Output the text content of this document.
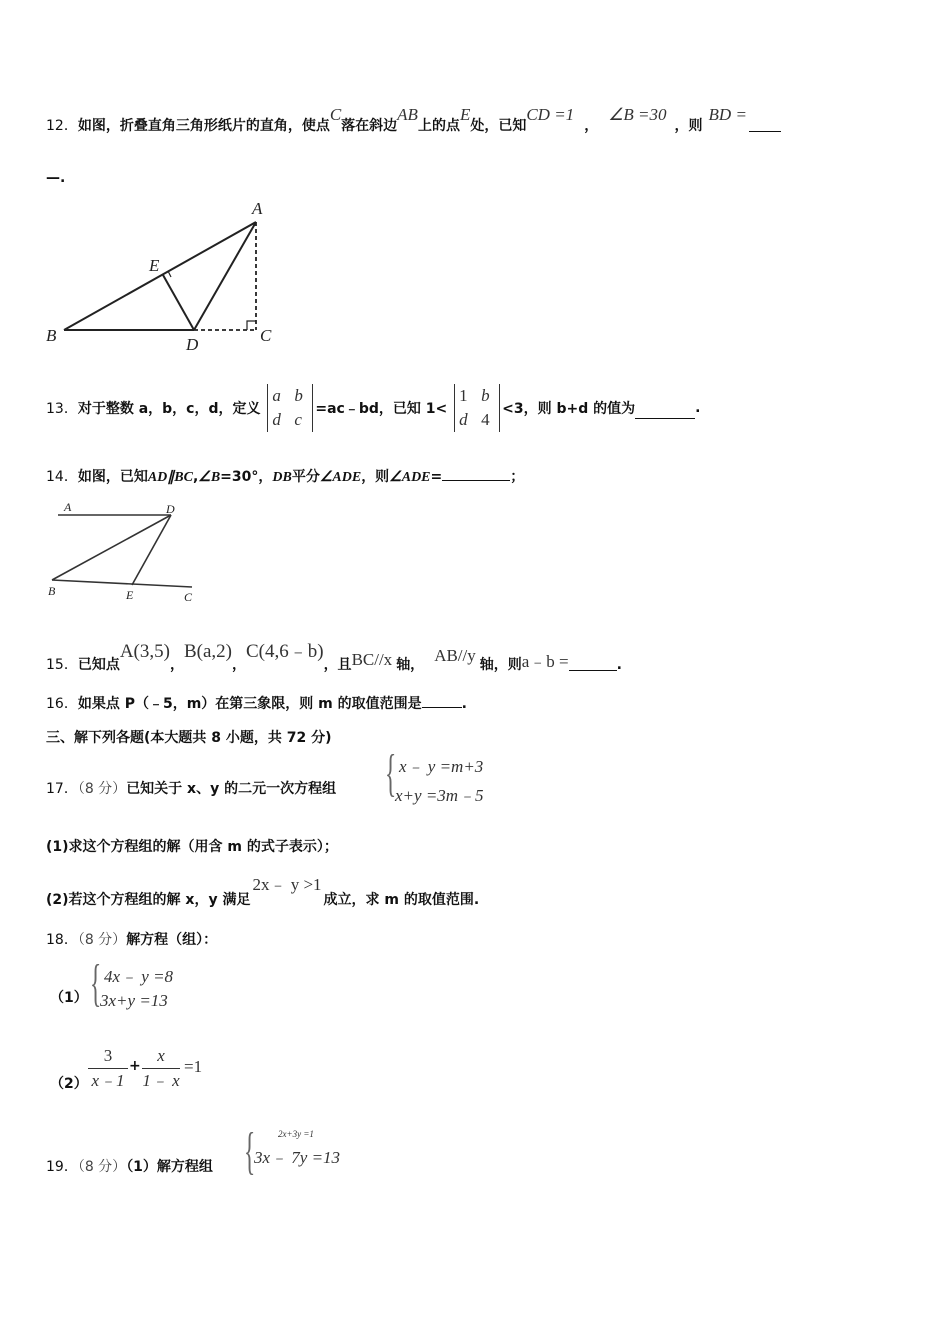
12．如图，折叠直角三角形纸片的直角，使点C落在斜边AB上的点E处，已知CD =1，∠B =30，则BD =
—.
A
E
B	D	C
13．对于整数 a，b，c，d，定义
a b
d c
=ac﹣bd，已知 1<
1 b
d 4
<3，则 b+d 的值为	.
14．如图，已知AD∥BC,∠B=30°，DB平分∠ADE，则∠ADE=	；
A	D
B	E	C
15．已知点A(3,5)，B(a,2)，C(4,6﹣b)，且BC//x 轴， AB//y 轴，则a﹣b =	.
16．如果点 P（﹣5，m）在第三象限，则 m 的取值范围是	.
三、解下列各题(本大题共 8 小题，共 72 分)
17．（8 分）已知关于 x、y 的二元一次方程组 { x﹣ y =m+3
x+y =3m﹣5
(1)求这个方程组的解（用含 m 的式子表示）；
(2)若这个方程组的解 x，y 满足2x﹣ y >1成立，求 m 的取值范围.
18．（8 分）解方程（组）：
（1） { 4x﹣ y =8
3x+y =13
（2）
3
x﹣1
+
x
1﹣ x
=1
19．（8 分）（1）解方程组 {	2x+3y =1
3x﹣ 7y =13
